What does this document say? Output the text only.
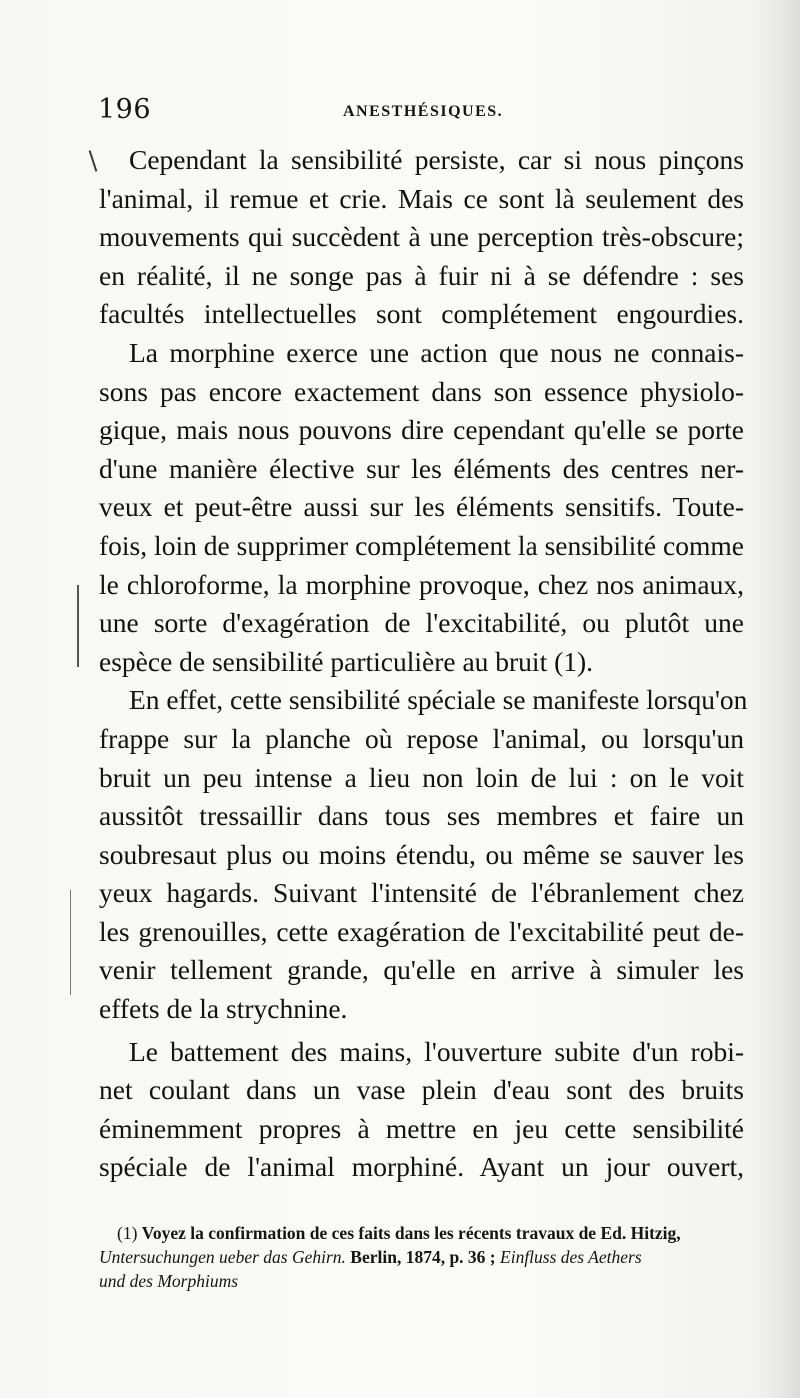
196	ANESTHÉSIQUES.
Cependant la sensibilité persiste, car si nous pinçons
l'animal, il remue et crie. Mais ce sont là seulement des
mouvements qui succèdent à une perception très-obscure;
en réalité, il ne songe pas à fuir ni à se défendre : ses
facultés intellectuelles sont complétement engourdies.
La morphine exerce une action que nous ne connais-
sons pas encore exactement dans son essence physiolo-
gique, mais nous pouvons dire cependant qu'elle se porte
d'une manière élective sur les éléments des centres ner-
veux et peut-être aussi sur les éléments sensitifs. Toute-
fois, loin de supprimer complétement la sensibilité comme
le chloroforme, la morphine provoque, chez nos animaux,
une sorte d'exagération de l'excitabilité, ou plutôt une
espèce de sensibilité particulière au bruit (1).
En effet, cette sensibilité spéciale se manifeste lorsqu'on
frappe sur la planche où repose l'animal, ou lorsqu'un
bruit un peu intense a lieu non loin de lui : on le voit
aussitôt tressaillir dans tous ses membres et faire un
soubresaut plus ou moins étendu, ou même se sauver les
yeux hagards. Suivant l'intensité de l'ébranlement chez
les grenouilles, cette exagération de l'excitabilité peut de-
venir tellement grande, qu'elle en arrive à simuler les
effets de la strychnine.
Le battement des mains, l'ouverture subite d'un robi-
net coulant dans un vase plein d'eau sont des bruits
éminemment propres à mettre en jeu cette sensibilité
spéciale de l'animal morphiné. Ayant un jour ouvert,
(1) Voyez la confirmation de ces faits dans les récents travaux de Ed. Hitzig,
Untersuchungen ueber das Gehirn. Berlin, 1874, p. 36 ; Einfluss des Aethers
und des Morphiums
